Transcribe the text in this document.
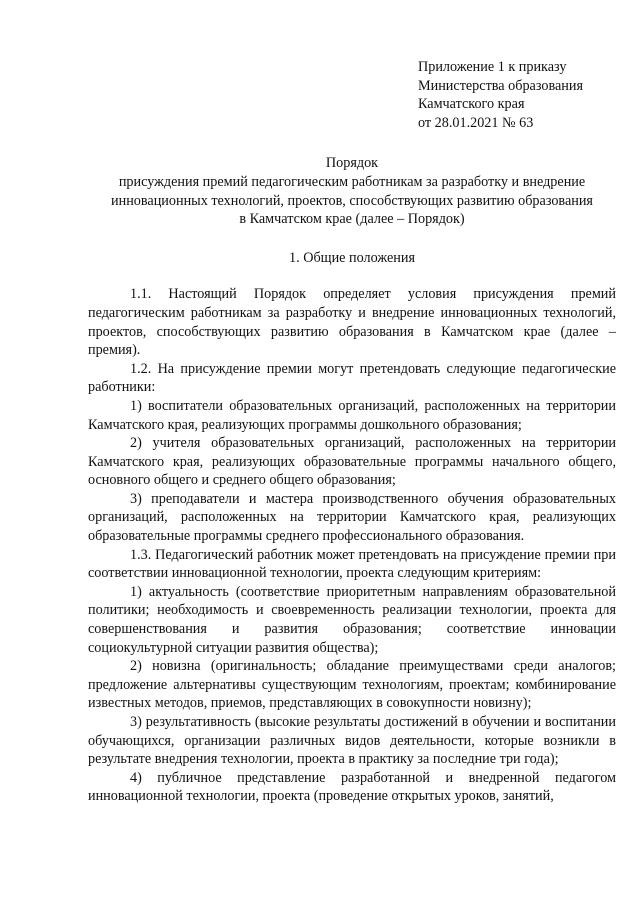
Приложение 1 к приказу
Министерства образования
Камчатского края
от 28.01.2021 № 63
Порядок
присуждения премий педагогическим работникам за разработку и внедрение
инновационных технологий, проектов, способствующих развитию образования
в Камчатском крае (далее – Порядок)
1. Общие положения

1.1. Настоящий Порядок определяет условия присуждения премий педагогическим работникам за разработку и внедрение инновационных технологий, проектов, способствующих развитию образования в Камчатском крае (далее – премия).

1.2. На присуждение премии могут претендовать следующие педагогические работники:

1) воспитатели образовательных организаций, расположенных на территории Камчатского края, реализующих программы дошкольного образования;

2) учителя образовательных организаций, расположенных на территории Камчатского края, реализующих образовательные программы начального общего, основного общего и среднего общего образования;

3) преподаватели и мастера производственного обучения образовательных организаций, расположенных на территории Камчатского края, реализующих образовательные программы среднего профессионального образования.

1.3. Педагогический работник может претендовать на присуждение премии при соответствии инновационной технологии, проекта следующим критериям:

1) актуальность (соответствие приоритетным направлениям образовательной политики; необходимость и своевременность реализации технологии, проекта для совершенствования и развития образования; соответствие инновации социокультурной ситуации развития общества);

2) новизна (оригинальность; обладание преимуществами среди аналогов; предложение альтернативы существующим технологиям, проектам; комбинирование известных методов, приемов, представляющих в совокупности новизну);

3) результативность (высокие результаты достижений в обучении и воспитании обучающихся, организации различных видов деятельности, которые возникли в результате внедрения технологии, проекта в практику за последние три года);

4) публичное представление разработанной и внедренной педагогом инновационной технологии, проекта (проведение открытых уроков, занятий,
